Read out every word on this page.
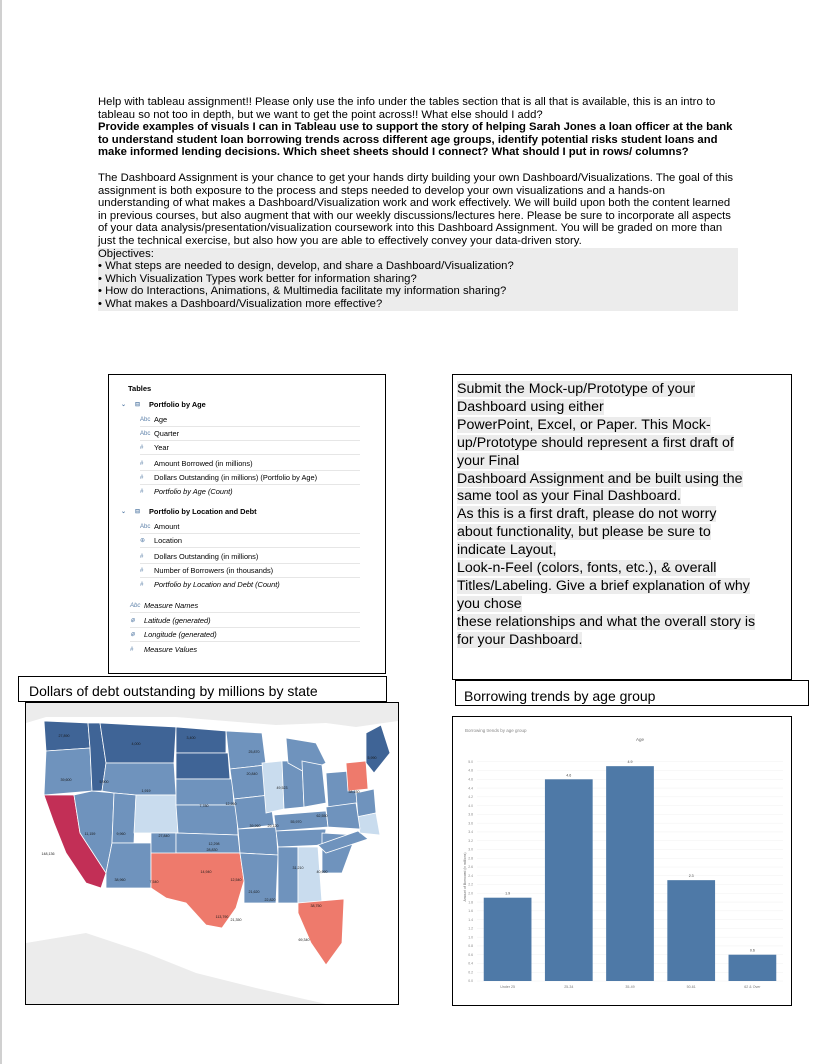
Help with tableau assignment!! Please only use the info under the tables section that is all that is available, this is an intro to tableau so not too in depth, but we want to get the point across!! What else should I add?

Provide examples of visuals I can in Tableau use to support the story of helping Sarah Jones a loan officer at the bank to understand student loan borrowing trends across different age groups, identify potential risks student loans and make informed lending decisions. Which sheet sheets should I connect? What should I put in rows/ columns?

The Dashboard Assignment is your chance to get your hands dirty building your own Dashboard/Visualizations. The goal of this assignment is both exposure to the process and steps needed to develop your own visualizations and a hands-on understanding of what makes a Dashboard/Visualization work and work effectively. We will build upon both the content learned in previous courses, but also augment that with our weekly discussions/lectures here. Please be sure to incorporate all aspects of your data analysis/presentation/visualization coursework into this Dashboard Assignment. You will be graded on more than just the technical exercise, but also how you are able to effectively convey your data-driven story.

Objectives:

• What steps are needed to design, develop, and share a Dashboard/Visualization?
• Which Visualization Types work better for information sharing?
• How do Interactions, Animations, & Multimedia facilitate my information sharing?
• What makes a Dashboard/Visualization more effective?
Tables
⌄	⊟	Portfolio by Age
Abc Age
Abc Quarter
#	Year
#	Amount Borrowed (in millions)
#	Dollars Outstanding (in millions) (Portfolio by Age)
#	Portfolio by Age (Count)
⌄	⊟	Portfolio by Location and Debt
Abc Amount
⊕	Location
#	Dollars Outstanding (in millions)
#	Number of Borrowers (in thousands)
#	Portfolio by Location and Debt (Count)
Abc Measure Names
⊕	Latitude (generated)
⊕	Longitude (generated)
#	Measure Values
Submit the Mock-up/Prototype of your
Dashboard using either
PowerPoint, Excel, or Paper. This Mock-
up/Prototype should represent a first draft of
your Final
Dashboard Assignment and be built using the
same tool as your Final Dashboard.
As this is a first draft, please do not worry
about functionality, but please be sure to
indicate Layout,
Look-n-Feel (colors, fonts, etc.), & overall
Titles/Labeling. Give a brief explanation of why
you chose
these relationships and what the overall story is
for your Dashboard.
Dollars of debt outstanding by millions by state
27,890
4,000
3,400
25,870
39,600	5,900
1,919
12,950
7,780
20,840
49,523
11,159	9,960	27,840
12,298
28,830
39,960 29,120
55,970
62,550
148,136
38,960	7,540
14,940
12,540
21,620
22,820
31,210
40,990
113,790
21,350
69,340
38,750
5,990
58,230
Borrowing trends by age group
Borrowing trends by age group
Age
Amount of Borrowed (in millions)
5.0
4.8
4.6
4.4
4.2
4.0
3.8
3.6
3.4
3.2
3.0
2.8
2.6
2.4
2.2
2.0
1.8
1.6
1.4
1.2
1.0
0.8
0.6
0.4
0.2
0.0
1.9
Under 25
4.6
25-34
4.9
35-49
2.3
50-61
0.6
62 & Over
